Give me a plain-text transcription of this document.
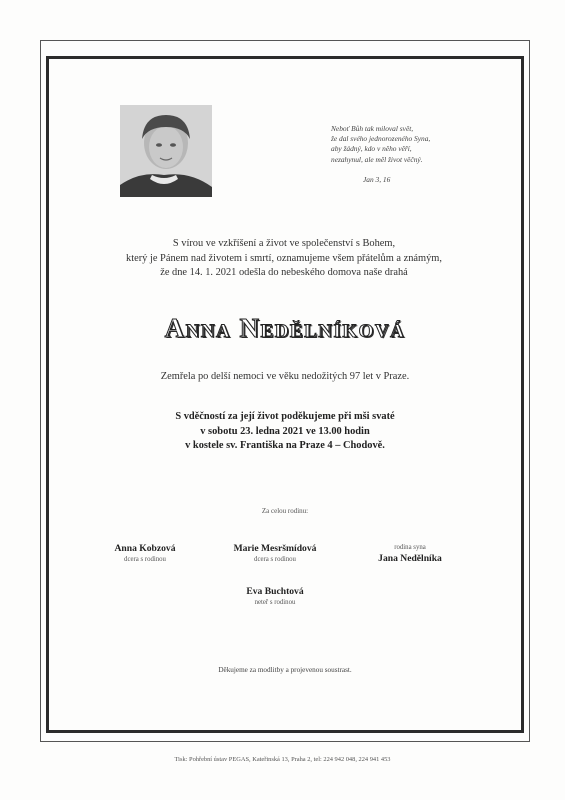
Neboť Bůh tak miloval svět,
že dal svého jednorozeného Syna,
aby žádný, kdo v něho věří,
nezahynul, ale měl život věčný.
Jan 3, 16
S vírou ve vzkříšení a život ve společenství s Bohem,
který je Pánem nad životem i smrtí, oznamujeme všem přátelům a známým,
že dne 14. 1. 2021 odešla do nebeského domova naše drahá
Anna Nedělníková
Zemřela po delší nemoci ve věku nedožitých 97 let v Praze.
S vděčností za její život poděkujeme při mši svaté
v sobotu 23. ledna 2021 ve 13.00 hodin
v kostele sv. Františka na Praze 4 – Chodově.
Za celou rodinu:
Anna Kobzová
dcera s rodinou
Marie Mesršmídová
dcera s rodinou
rodina syna
Jana Nedělníka
Eva Buchtová
neteř s rodinou
Děkujeme za modlitby a projevenou soustrast.
Tisk: Pohřební ústav PEGAS, Kateřinská 13, Praha 2, tel: 224 942 048, 224 941 453
